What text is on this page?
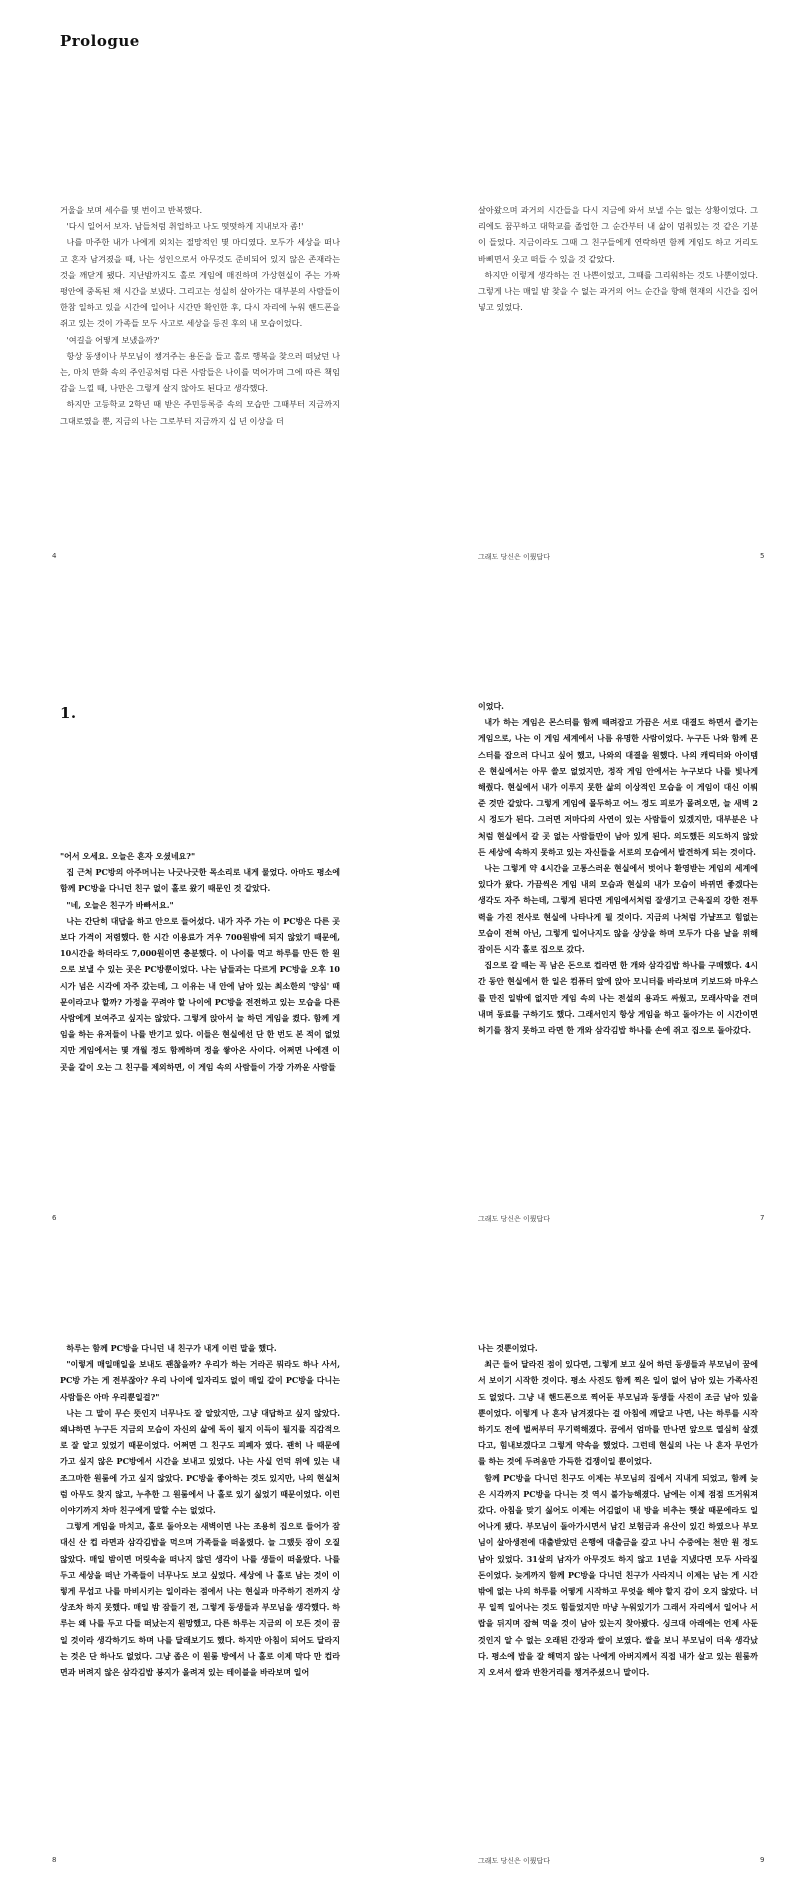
Prologue

거울을 보며 세수를 몇 번이고 반복했다.

'다시 일어서 보자. 남들처럼 취업하고 나도 떳떳하게 지내보자 좀!'

나를 마주한 내가 나에게 외치는 절망적인 몇 마디였다. 모두가 세상을 떠나고 혼자 남겨졌을 때, 나는 성인으로서 아무것도 준비되어 있지 않은 존재라는 것을 깨닫게 됐다. 지난밤까지도 홀로 게임에 매진하며 가상현실이 주는 가짜 평안에 중독된 채 시간을 보냈다. 그리고는 성실히 살아가는 대부분의 사람들이 한참 일하고 있을 시간에 일어나 시간만 확인한 후, 다시 자리에 누워 핸드폰을 쥐고 있는 것이 가족들 모두 사고로 세상을 등진 후의 내 모습이었다.

'여길을 어떻게 보냈을까?'

항상 동생이나 부모님이 챙겨주는 용돈을 들고 홀로 행복을 찾으러 떠났던 나는, 마치 만화 속의 주인공처럼 다른 사람들은 나이를 먹어가며 그에 따른 책임감을 느낄 때, 나만은 그렇게 살지 않아도 된다고 생각했다.

하지만 고등학교 2학년 때 받은 주민등록증 속의 모습만 그때부터 지금까지 그대로였을 뿐, 지금의 나는 그로부터 지금까지 십 년 이상을 더

살아왔으며 과거의 시간들을 다시 지금에 와서 보낼 수는 없는 상황이었다. 그리에도 꿈꾸하고 대학교를 졸업한 그 순간부터 내 삶이 멈춰있는 것 같은 기분이 들었다. 지금이라도 그때 그 친구들에게 연락하면 함께 게임도 하고 거리도 바삐면서 웃고 떠들 수 있을 것 같았다.

하지만 이렇게 생각하는 건 나쁜이었고, 그때를 그리워하는 것도 나뿐이었다. 그렇게 나는 매일 밤 찾을 수 없는 과거의 어느 순간을 향해 현재의 시간을 집어넣고 있었다.

4	그래도 당신은 이뤘답다	5
1.

"어서 오세요. 오늘은 혼자 오셨네요?"

집 근처 PC방의 아주머니는 나긋나긋한 목소리로 내게 물었다. 아마도 평소에 함께 PC방을 다니던 친구 없이 홀로 왔기 때문인 것 같았다.

"네, 오늘은 친구가 바빠서요."

나는 간단히 대답을 하고 안으로 들어섰다. 내가 자주 가는 이 PC방은 다른 곳보다 가격이 저렴했다. 한 시간 이용료가 겨우 700원밖에 되지 않았기 때문에, 10시간을 하더라도 7,000원이면 충분했다. 이 나이를 먹고 하루를 만든 한 원으로 보낼 수 있는 곳은 PC방뿐이었다. 나는 남들과는 다르게 PC방을 오후 10시가 넘은 시각에 자주 갔는데, 그 이유는 내 안에 남아 있는 최소한의 '양심' 때문이라고나 할까? 가정을 꾸려야 할 나이에 PC방을 전전하고 있는 모습을 다른 사람에게 보여주고 싶지는 않았다. 그렇게 앉아서 늘 하던 게임을 켰다. 함께 게임을 하는 유저들이 나를 반기고 있다. 이들은 현실에선 단 한 번도 본 적이 없었지만 게임에서는 몇 개월 정도 함께하며 정을 쌓아온 사이다. 어쩌면 나에겐 이곳을 같이 오는 그 친구를 제외하면, 이 게임 속의 사람들이 가장 가까운 사람들

이었다.

내가 하는 게임은 몬스터를 함께 때려잡고 가끔은 서로 대결도 하면서 즐기는 게임으로, 나는 이 게임 세계에서 나름 유명한 사람이었다. 누구든 나와 함께 몬스터를 잡으러 다니고 싶어 했고, 나와의 대결을 원했다. 나의 캐릭터와 아이템은 현실에서는 아무 쓸모 없었지만, 정작 게임 안에서는 누구보다 나를 빛나게 해줬다. 현실에서 내가 이루지 못한 삶의 이상적인 모습을 이 게임이 대신 이뤄준 것만 같았다. 그렇게 게임에 몰두하고 어느 정도 피로가 몰려오면, 늘 새벽 2시 정도가 된다. 그러면 저마다의 사연이 있는 사람들이 있겠지만, 대부분은 나처럼 현실에서 갈 곳 없는 사람들만이 남아 있게 된다. 의도했든 의도하지 않았든 세상에 속하지 못하고 있는 자신들을 서로의 모습에서 발견하게 되는 것이다.

나는 그렇게 약 4시간을 고통스러운 현실에서 벗어나 환영받는 게임의 세계에 있다가 왔다. 가끔씩은 게임 내의 모습과 현실의 내가 모습이 바뀌면 좋겠다는 생각도 자주 하는데, 그렇게 된다면 게임에서처럼 잘생기고 근육질의 강한 전투력을 가진 전사로 현실에 나타나게 될 것이다. 지금의 나처럼 가냘프고 힘없는 모습이 전혀 아닌, 그렇게 일어나지도 않을 상상을 하며 모두가 다음 날을 위해 잠이든 시각 홀로 집으로 갔다.

집으로 갈 때는 꼭 남은 돈으로 컵라면 한 개와 삼각김밥 하나를 구매했다. 4시간 동안 현실에서 한 일은 컴퓨터 앞에 앉아 모니터를 바라보며 키보드와 마우스를 만진 일밖에 없지만 게임 속의 나는 전설의 용과도 싸웠고, 모래사막을 견뎌내며 동료를 구하기도 했다. 그래서인지 항상 게임을 하고 돌아가는 이 시간이면 허기를 참지 못하고 라면 한 개와 삼각김밥 하나를 손에 쥐고 집으로 돌아갔다.

6	그래도 당신은 이뤘답다	7

하루는 함께 PC방을 다니던 내 친구가 내게 이런 말을 했다.

"이렇게 매일매일을 보내도 괜찮을까? 우리가 하는 거라곤 뭐라도 하나 사서, PC방 가는 게 전부잖아? 우리 나이에 일자리도 없이 매일 같이 PC방을 다니는 사람들은 아마 우리뿐일걸?"

나는 그 말이 무슨 뜻인지 너무나도 잘 알았지만, 그냥 대답하고 싶지 않았다. 왜냐하면 누구든 지금의 모습이 자신의 삶에 독이 될지 이득이 될지를 직감적으로 잘 알고 있었기 때문이었다. 어쩌면 그 친구도 피폐자 였다. 괜히 나 때문에 가고 싶지 않은 PC방에서 시간을 보내고 있었다. 나는 사실 언덕 위에 있는 내 조그마한 원룸에 가고 싶지 않았다. PC방을 좋아하는 것도 있지만, 나의 현실처럼 아무도 찾지 않고, 누추한 그 원룸에서 나 홀로 있기 싫었기 때문이었다. 이런 이야기까지 차마 친구에게 말할 수는 없었다.

그렇게 게임을 마치고, 홀로 돌아오는 새벽이면 나는 조용히 집으로 들어가 잠 대신 산 컵 라면과 삼각김밥을 먹으며 가족들을 떠올렸다. 늘 그랬듯 잠이 오질 않았다. 매일 밤이면 머릿속을 떠나지 않던 생각이 나를 생들이 떠올랐다. 나를 두고 세상을 떠난 가족들이 너무나도 보고 싶었다. 세상에 나 홀로 남는 것이 이렇게 무섭고 나를 마비시키는 일이라는 점에서 나는 현실과 마주하기 전까지 상상조차 하지 못했다. 매일 밤 잠들기 전, 그렇게 동생들과 부모님을 생각했다. 하루는 왜 나를 두고 다들 떠났는지 원망했고, 다른 하루는 지금의 이 모든 것이 꿈일 것이라 생각하기도 하며 나를 달래보기도 했다. 하지만 아침이 되어도 달라지는 것은 단 하나도 없었다. 그냥 좁은 이 원룸 방에서 나 홀로 이제 막다 만 컵라면과 버려지 않은 삼각김밥 봉지가 올려져 있는 테이블을 바라보며 일어

나는 것뿐이었다.

최근 들어 달라진 점이 있다면, 그렇게 보고 싶어 하던 동생들과 부모님이 꿈에서 보이기 시작한 것이다. 평소 사진도 함께 찍은 일이 없어 남아 있는 가족사진도 없었다. 그냥 내 핸드폰으로 찍어둔 부모님과 동생들 사진이 조금 남아 있을 뿐이었다. 이렇게 나 혼자 남겨졌다는 걸 아침에 깨달고 나면, 나는 하루를 시작하기도 전에 벌써부터 무기력해졌다. 꿈에서 엄마를 만나면 앞으로 열심히 살겠다고, 힘내보겠다고 그렇게 약속을 했었다. 그런데 현실의 나는 나 혼자 무언가를 하는 것에 두려움만 가득한 겁쟁이일 뿐이었다.

함께 PC방을 다니던 친구도 이제는 부모님의 집에서 지내게 되었고, 함께 늦은 시각까지 PC방을 다니는 것 역시 불가능해졌다. 남에는 이제 점점 뜨거워져 갔다. 아침을 맞기 싫어도 이제는 어김없이 내 방을 비추는 햇살 때문에라도 일어나게 됐다. 부모님이 돌아가시면서 남긴 보험금과 유산이 있긴 하였으나 부모님이 살아생전에 대출받았던 은행에 대출금을 갚고 나니 수중에는 천만 원 정도 남아 있었다. 31살의 남자가 아무것도 하지 않고 1년을 지냈다면 모두 사라질 돈이었다. 늦게까지 함께 PC방을 다니던 친구가 사라지니 이제는 남는 게 시간밖에 없는 나의 하루를 어떻게 시작하고 무엇을 해야 할지 감이 오지 않았다. 너무 일찍 일어나는 것도 힘들었지만 마냥 누워있기가 그래서 자리에서 일어나 서랍을 뒤지며 잡혀 먹을 것이 남아 있는지 찾아봤다. 싱크대 아래에는 언제 사둔 것인지 알 수 없는 오래된 간장과 쌀이 보였다. 쌀을 보니 부모님이 더욱 생각났다. 평소에 밥을 잘 해먹지 않는 나에게 아버지께서 직접 내가 살고 있는 원룸까지 오셔서 쌀과 반찬거리를 챙겨주셨으니 말이다.

8	그래도 당신은 이뤘답다	9
